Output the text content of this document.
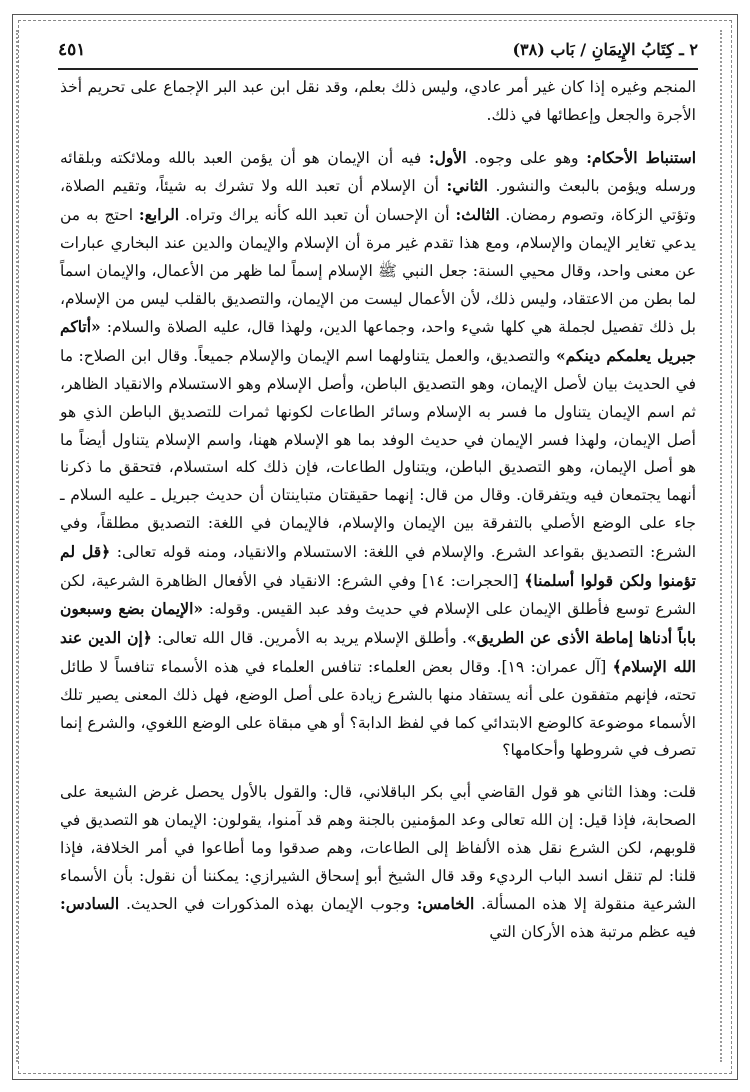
٢ ـ كِتَابُ الإِيمَانِ / بَاب (٣٨)
٤٥١

المنجم وغيره إذا كان غير أمر عادي، وليس ذلك بعلم، وقد نقل ابن عبد البر الإجماع على تحريم أخذ الأجرة والجعل وإعطائها في ذلك.

استنباط الأحكام: وهو على وجوه. الأول: فيه أن الإيمان هو أن يؤمن العبد بالله وملائكته وبلقائه ورسله ويؤمن بالبعث والنشور. الثاني: أن الإسلام أن تعبد الله ولا تشرك به شيئاً، وتقيم الصلاة، وتؤتي الزكاة، وتصوم رمضان. الثالث: أن الإحسان أن تعبد الله كأنه يراك وتراه. الرابع: احتج به من يدعي تغاير الإيمان والإسلام، ومع هذا تقدم غير مرة أن الإسلام والإيمان والدين عند البخاري عبارات عن معنى واحد، وقال محيي السنة: جعل النبي ﷺ الإسلام إسماً لما ظهر من الأعمال، والإيمان اسماً لما بطن من الاعتقاد، وليس ذلك، لأن الأعمال ليست من الإيمان، والتصديق بالقلب ليس من الإسلام، بل ذلك تفصيل لجملة هي كلها شيء واحد، وجماعها الدين، ولهذا قال، عليه الصلاة والسلام: «أتاكم جبريل يعلمكم دينكم» والتصديق، والعمل يتناولهما اسم الإيمان والإسلام جميعاً. وقال ابن الصلاح: ما في الحديث بيان لأصل الإيمان، وهو التصديق الباطن، وأصل الإسلام وهو الاستسلام والانقياد الظاهر، ثم اسم الإيمان يتناول ما فسر به الإسلام وسائر الطاعات لكونها ثمرات للتصديق الباطن الذي هو أصل الإيمان، ولهذا فسر الإيمان في حديث الوفد بما هو الإسلام ههنا، واسم الإسلام يتناول أيضاً ما هو أصل الإيمان، وهو التصديق الباطن، ويتناول الطاعات، فإن ذلك كله استسلام، فتحقق ما ذكرنا أنهما يجتمعان فيه ويتفرقان. وقال من قال: إنهما حقيقتان متباينتان أن حديث جبريل ـ عليه السلام ـ جاء على الوضع الأصلي بالتفرقة بين الإيمان والإسلام، فالإيمان في اللغة: التصديق مطلقاً، وفي الشرع: التصديق بقواعد الشرع. والإسلام في اللغة: الاستسلام والانقياد، ومنه قوله تعالى: ﴿قل لم تؤمنوا ولكن قولوا أسلمنا﴾ [الحجرات: ١٤] وفي الشرع: الانقياد في الأفعال الظاهرة الشرعية، لكن الشرع توسع فأطلق الإيمان على الإسلام في حديث وفد عبد القيس. وقوله: «الإيمان بضع وسبعون باباً أدناها إماطة الأذى عن الطريق». وأطلق الإسلام يريد به الأمرين. قال الله تعالى: ﴿إن الدين عند الله الإسلام﴾ [آل عمران: ١٩]. وقال بعض العلماء: تنافس العلماء في هذه الأسماء تنافساً لا طائل تحته، فإنهم متفقون على أنه يستفاد منها بالشرع زيادة على أصل الوضع، فهل ذلك المعنى يصير تلك الأسماء موضوعة كالوضع الابتدائي كما في لفظ الدابة؟ أو هي مبقاة على الوضع اللغوي، والشرع إنما تصرف في شروطها وأحكامها؟

قلت: وهذا الثاني هو قول القاضي أبي بكر الباقلاني، قال: والقول بالأول يحصل غرض الشيعة على الصحابة، فإذا قيل: إن الله تعالى وعد المؤمنين بالجنة وهم قد آمنوا، يقولون: الإيمان هو التصديق في قلوبهم، لكن الشرع نقل هذه الألفاظ إلى الطاعات، وهم صدقوا وما أطاعوا في أمر الخلافة، فإذا قلنا: لم تنقل انسد الباب الرديء وقد قال الشيخ أبو إسحاق الشيرازي: يمكننا أن نقول: بأن الأسماء الشرعية منقولة إلا هذه المسألة. الخامس: وجوب الإيمان بهذه المذكورات في الحديث. السادس: فيه عظم مرتبة هذه الأركان التي
